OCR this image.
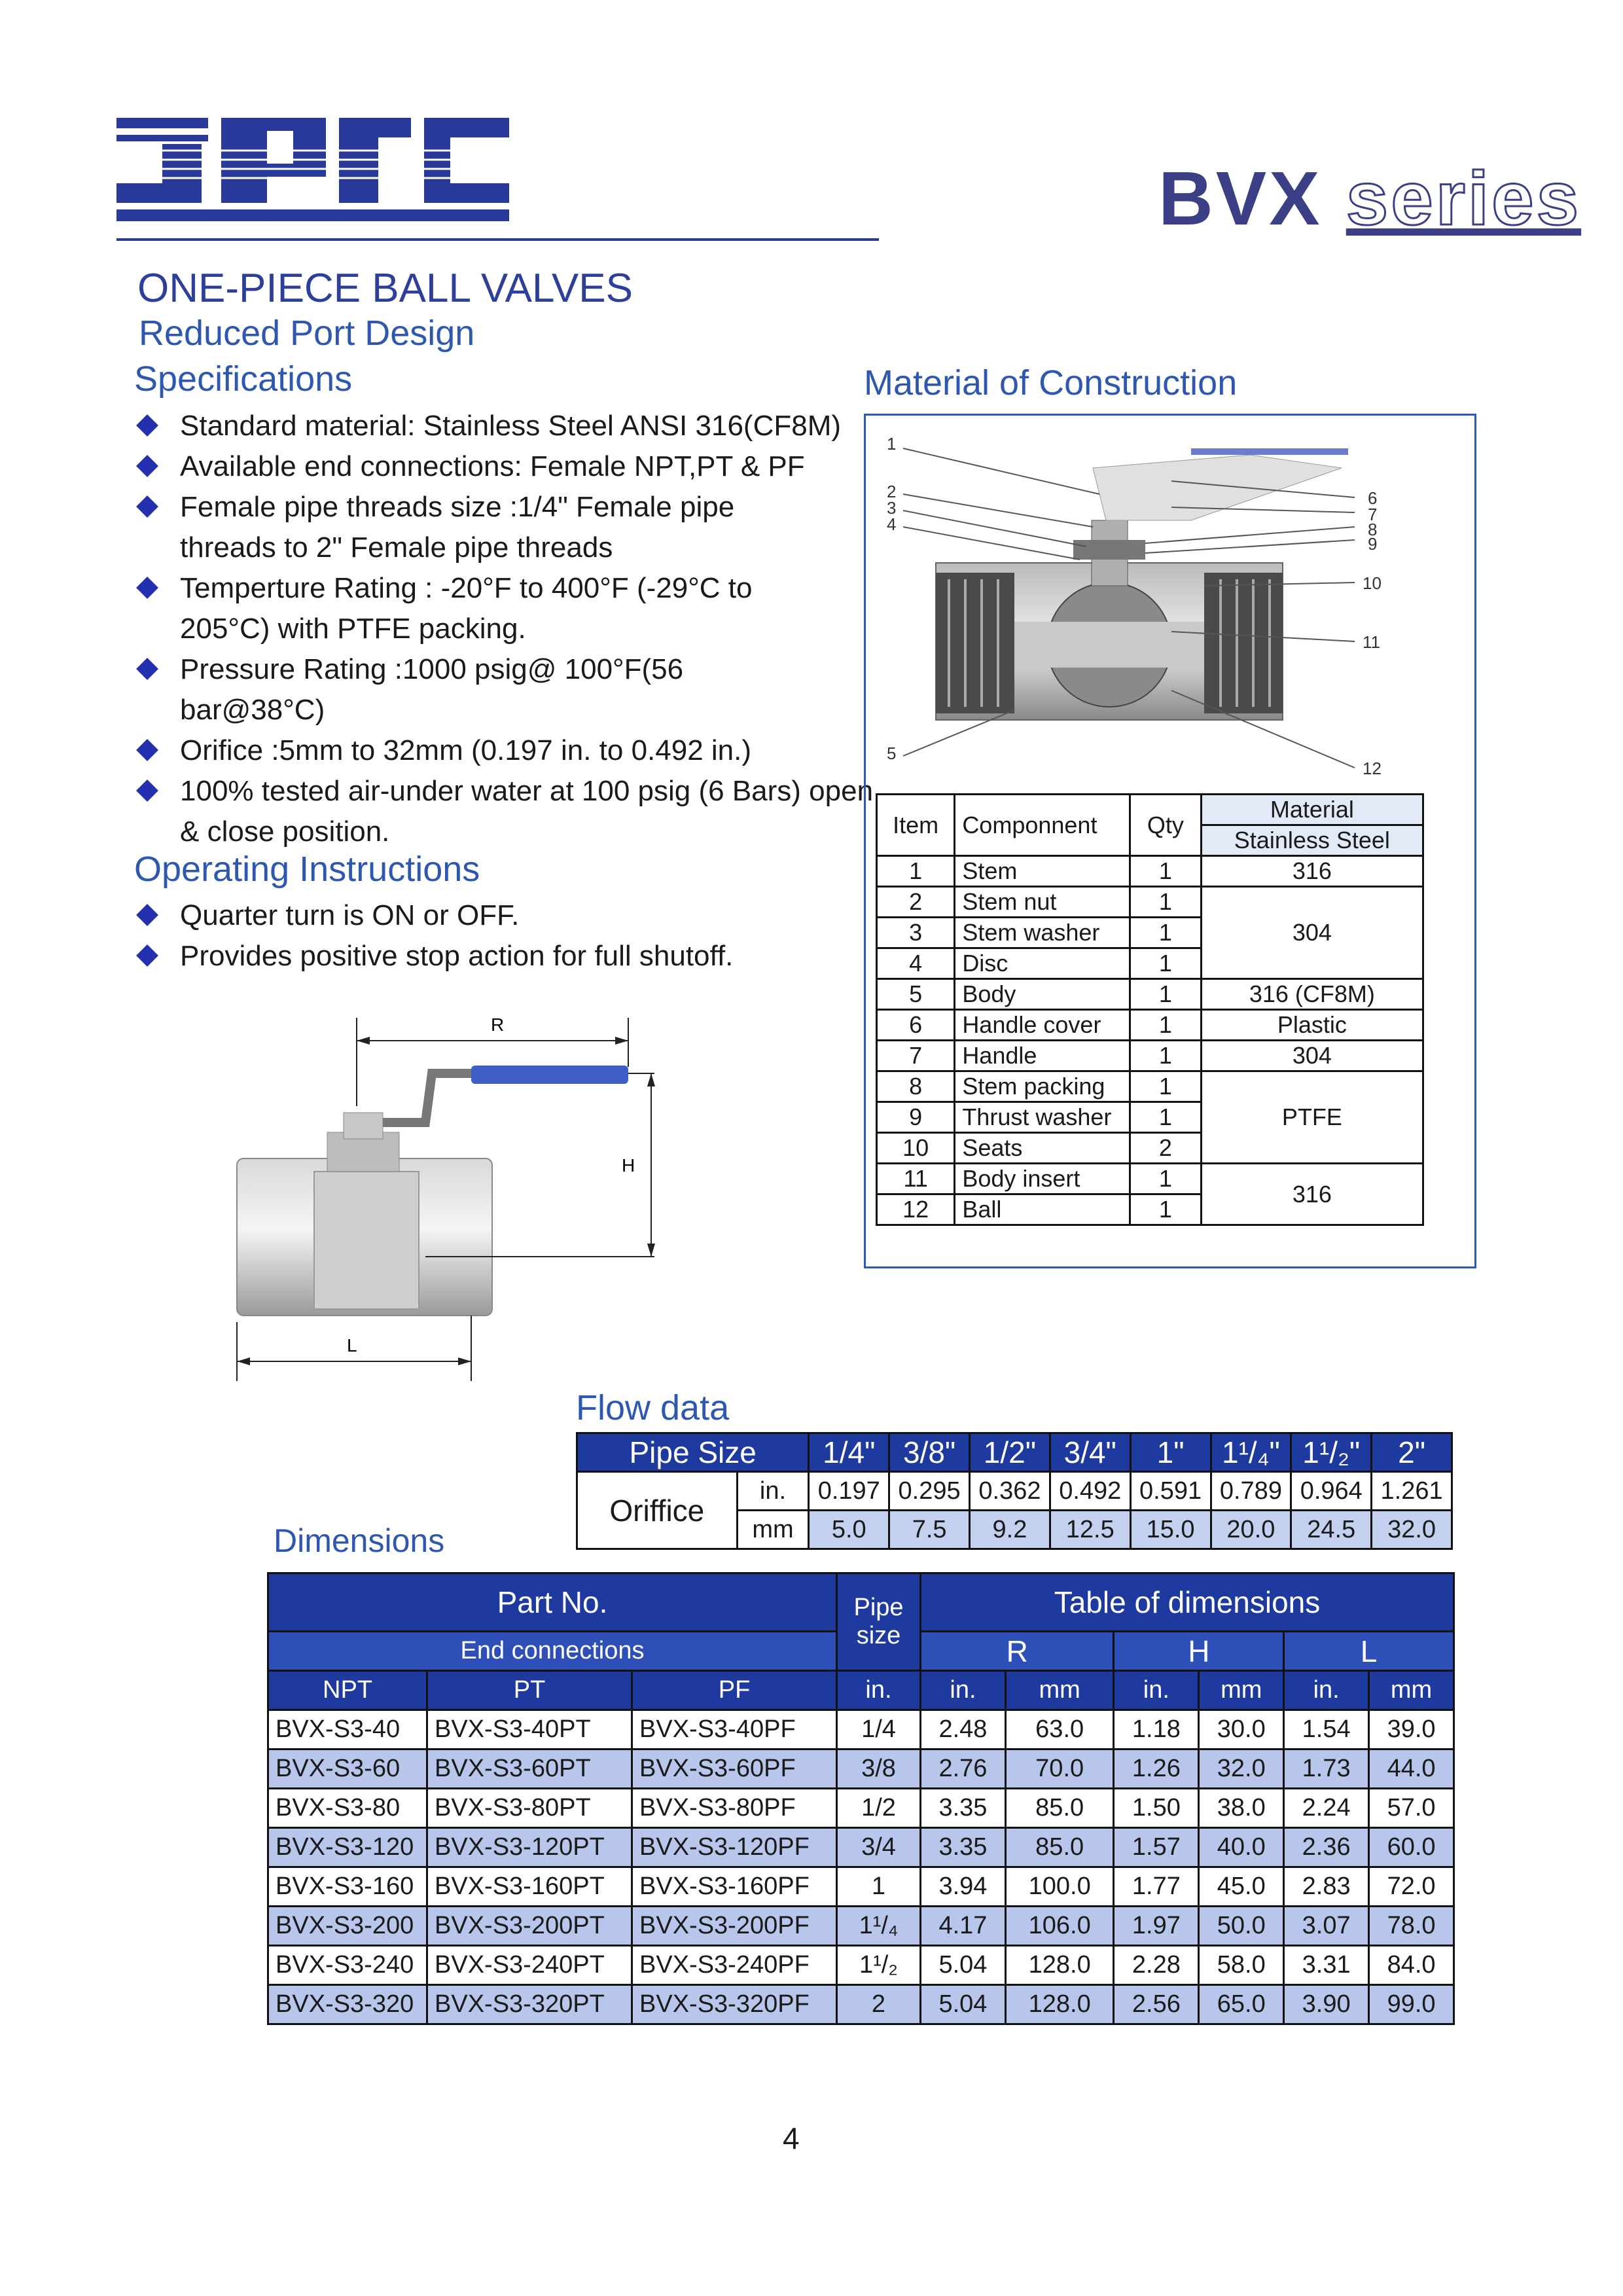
BVX series
ONE-PIECE BALL VALVES
Reduced Port Design
Specifications
Standard material: Stainless Steel ANSI 316(CF8M)
Available end connections: Female NPT,PT & PF
Female pipe threads size :1/4" Female pipe threads to 2" Female pipe threads
Temperture Rating : -20°F to 400°F (-29°C to 205°C) with PTFE packing.
Pressure Rating :1000 psig@ 100°F(56 bar@38°C)
Orifice :5mm to 32mm (0.197 in. to 0.492 in.)
100% tested air-under water at 100 psig (6 Bars) open & close position.
Operating Instructions
Quarter turn is ON or OFF.
Provides positive stop action for full shutoff.
R
H
L
Material of Construction
1
2
3
4
5
6
7
8
9
10
11
12
Item	Componnent	Qty	Material
			Stainless Steel
1	Stem	1	316
2	Stem nut	1	304
3	Stem washer	1	
4	Disc	1	
5	Body	1	316 (CF8M)
6	Handle cover	1	Plastic
7	Handle	1	304
8	Stem packing	1	PTFE
9	Thrust washer	1	
10	Seats	2	
11	Body insert	1	316
12	Ball	1	
Flow data
Pipe Size		1/4"	3/8"	1/2"	3/4"	1"	1¹/₄"	1¹/₂"	2"
Oriffice	in.	0.197	0.295	0.362	0.492	0.591	0.789	0.964	1.261
	mm	5.0	7.5	9.2	12.5	15.0	20.0	24.5	32.0
Dimensions
Part No.			Pipe size	Table of dimensions					
End connections				R		H		L	
NPT	PT	PF	in.	in.	mm	in.	mm	in.	mm
BVX-S3-40	BVX-S3-40PT	BVX-S3-40PF	1/4	2.48	63.0	1.18	30.0	1.54	39.0
BVX-S3-60	BVX-S3-60PT	BVX-S3-60PF	3/8	2.76	70.0	1.26	32.0	1.73	44.0
BVX-S3-80	BVX-S3-80PT	BVX-S3-80PF	1/2	3.35	85.0	1.50	38.0	2.24	57.0
BVX-S3-120	BVX-S3-120PT	BVX-S3-120PF	3/4	3.35	85.0	1.57	40.0	2.36	60.0
BVX-S3-160	BVX-S3-160PT	BVX-S3-160PF	1	3.94	100.0	1.77	45.0	2.83	72.0
BVX-S3-200	BVX-S3-200PT	BVX-S3-200PF	1¹/₄	4.17	106.0	1.97	50.0	3.07	78.0
BVX-S3-240	BVX-S3-240PT	BVX-S3-240PF	1¹/₂	5.04	128.0	2.28	58.0	3.31	84.0
BVX-S3-320	BVX-S3-320PT	BVX-S3-320PF	2	5.04	128.0	2.56	65.0	3.90	99.0
4
